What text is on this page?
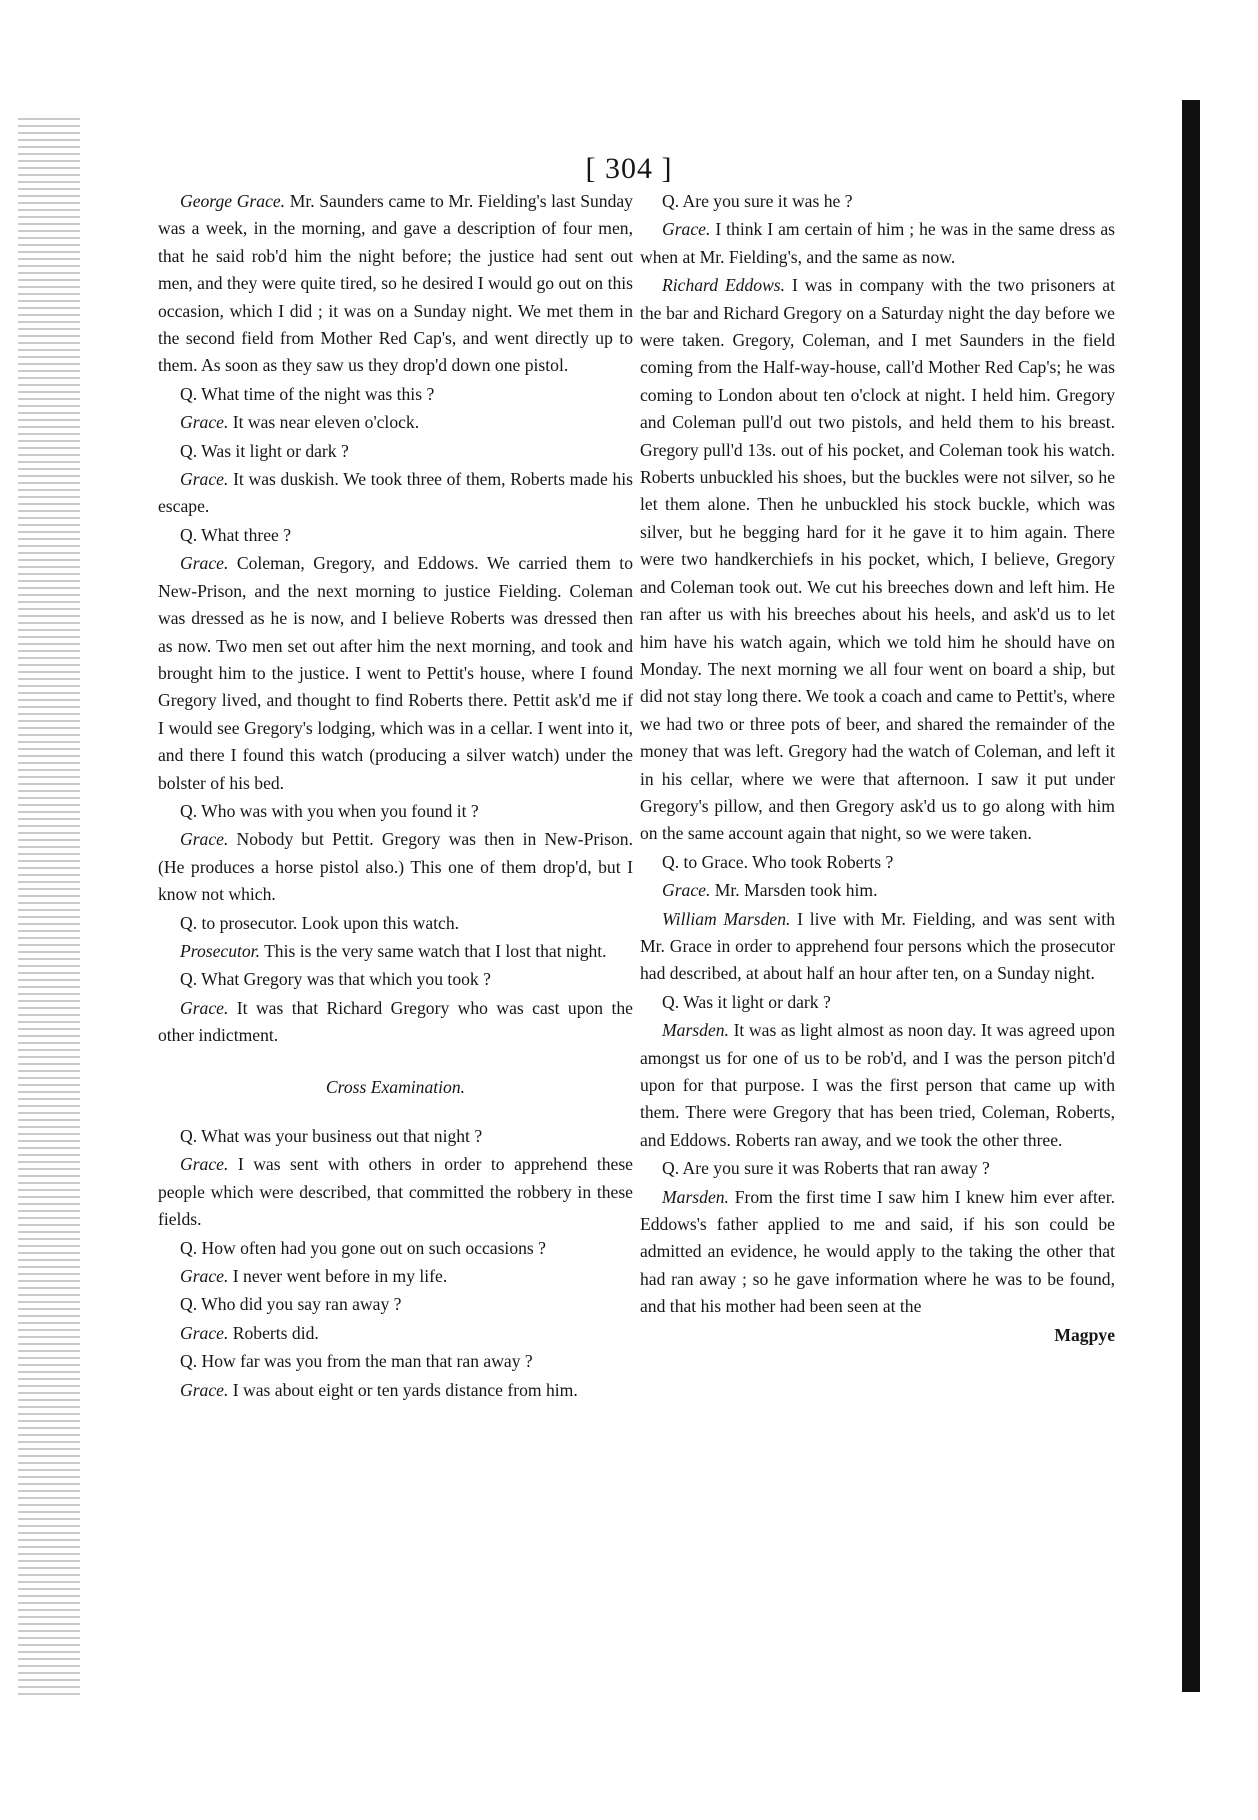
[ 304 ]

George Grace. Mr. Saunders came to Mr. Fielding's last Sunday was a week, in the morning, and gave a description of four men, that he said rob'd him the night before; the justice had sent out men, and they were quite tired, so he desired I would go out on this occasion, which I did ; it was on a Sunday night. We met them in the second field from Mother Red Cap's, and went directly up to them. As soon as they saw us they drop'd down one pistol.

Q. What time of the night was this ?

Grace. It was near eleven o'clock.

Q. Was it light or dark ?

Grace. It was duskish. We took three of them, Roberts made his escape.

Q. What three ?

Grace. Coleman, Gregory, and Eddows. We carried them to New-Prison, and the next morning to justice Fielding. Coleman was dressed as he is now, and I believe Roberts was dressed then as now. Two men set out after him the next morning, and took and brought him to the justice. I went to Pettit's house, where I found Gregory lived, and thought to find Roberts there. Pettit ask'd me if I would see Gregory's lodging, which was in a cellar. I went into it, and there I found this watch (producing a silver watch) under the bolster of his bed.

Q. Who was with you when you found it ?

Grace. Nobody but Pettit. Gregory was then in New-Prison. (He produces a horse pistol also.) This one of them drop'd, but I know not which.

Q. to prosecutor. Look upon this watch.

Prosecutor. This is the very same watch that I lost that night.

Q. What Gregory was that which you took ?

Grace. It was that Richard Gregory who was cast upon the other indictment.

Cross Examination.

Q. What was your business out that night ?

Grace. I was sent with others in order to apprehend these people which were described, that committed the robbery in these fields.

Q. How often had you gone out on such occasions ?

Grace. I never went before in my life.

Q. Who did you say ran away ?

Grace. Roberts did.

Q. How far was you from the man that ran away ?

Grace. I was about eight or ten yards distance from him.

Q. Are you sure it was he ?

Grace. I think I am certain of him ; he was in the same dress as when at Mr. Fielding's, and the same as now.

Richard Eddows. I was in company with the two prisoners at the bar and Richard Gregory on a Saturday night the day before we were taken. Gregory, Coleman, and I met Saunders in the field coming from the Half-way-house, call'd Mother Red Cap's; he was coming to London about ten o'clock at night. I held him. Gregory and Coleman pull'd out two pistols, and held them to his breast. Gregory pull'd 13s. out of his pocket, and Coleman took his watch. Roberts unbuckled his shoes, but the buckles were not silver, so he let them alone. Then he unbuckled his stock buckle, which was silver, but he begging hard for it he gave it to him again. There were two handkerchiefs in his pocket, which, I believe, Gregory and Coleman took out. We cut his breeches down and left him. He ran after us with his breeches about his heels, and ask'd us to let him have his watch again, which we told him he should have on Monday. The next morning we all four went on board a ship, but did not stay long there. We took a coach and came to Pettit's, where we had two or three pots of beer, and shared the remainder of the money that was left. Gregory had the watch of Coleman, and left it in his cellar, where we were that afternoon. I saw it put under Gregory's pillow, and then Gregory ask'd us to go along with him on the same account again that night, so we were taken.

Q. to Grace. Who took Roberts ?

Grace. Mr. Marsden took him.

William Marsden. I live with Mr. Fielding, and was sent with Mr. Grace in order to apprehend four persons which the prosecutor had described, at about half an hour after ten, on a Sunday night.

Q. Was it light or dark ?

Marsden. It was as light almost as noon day. It was agreed upon amongst us for one of us to be rob'd, and I was the person pitch'd upon for that purpose. I was the first person that came up with them. There were Gregory that has been tried, Coleman, Roberts, and Eddows. Roberts ran away, and we took the other three.

Q. Are you sure it was Roberts that ran away ?

Marsden. From the first time I saw him I knew him ever after. Eddows's father applied to me and said, if his son could be admitted an evidence, he would apply to the taking the other that had ran away ; so he gave information where he was to be found, and that his mother had been seen at the

Magpye
